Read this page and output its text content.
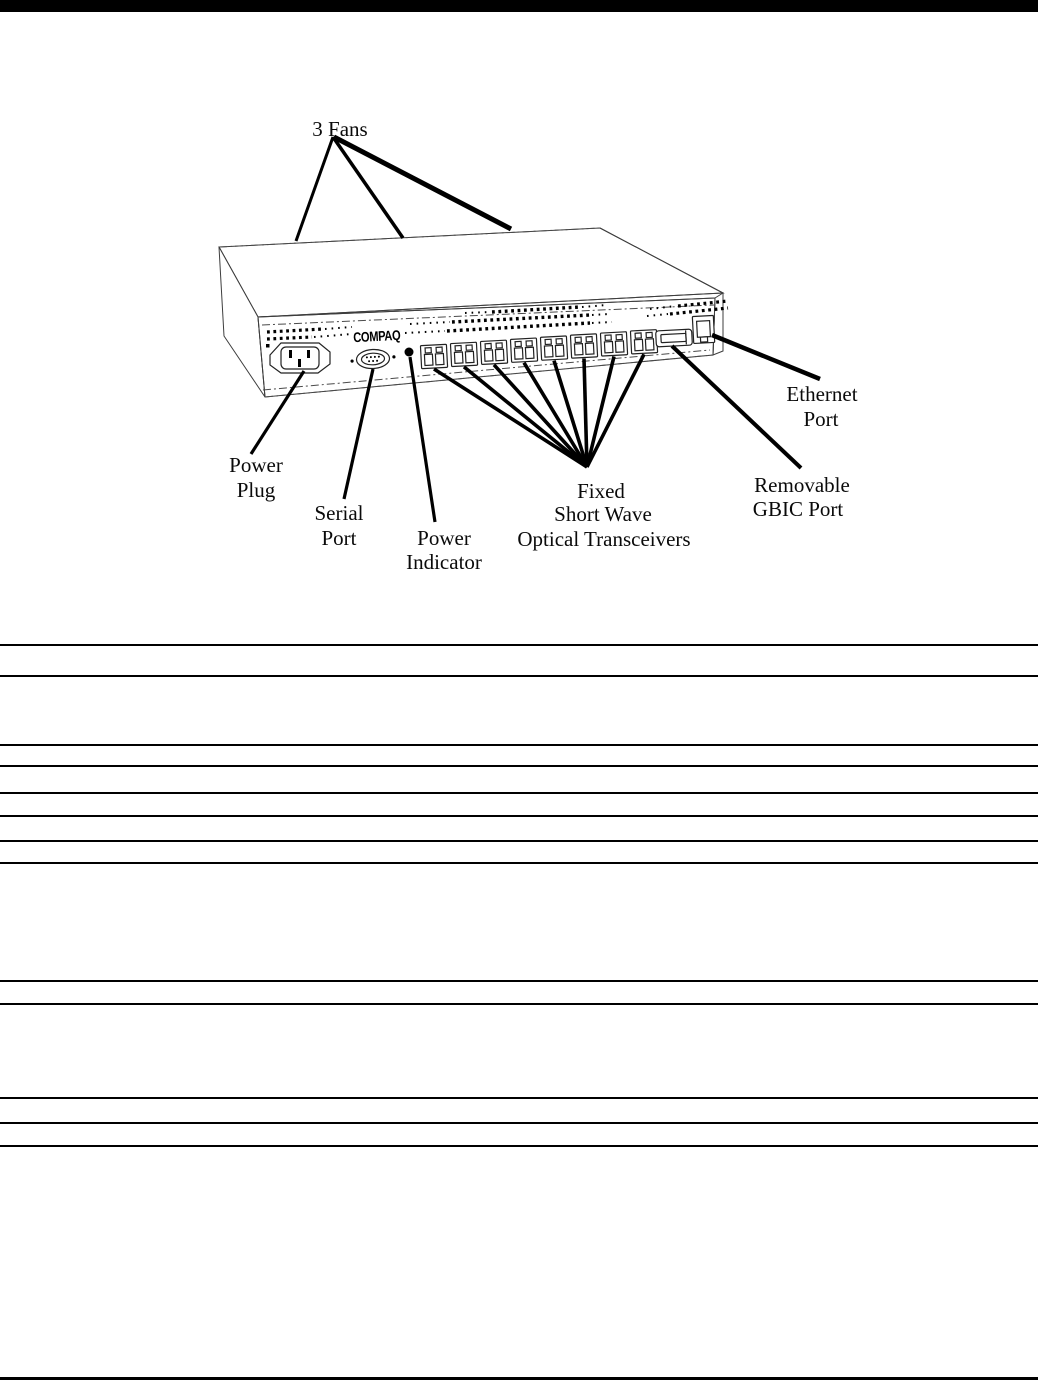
COMPAQ
3 Fans
Power
Plug
Serial
Port	Power
Indicator
Fixed
Short Wave
Optical Transceivers
Ethernet
Port
Removable
GBIC Port
